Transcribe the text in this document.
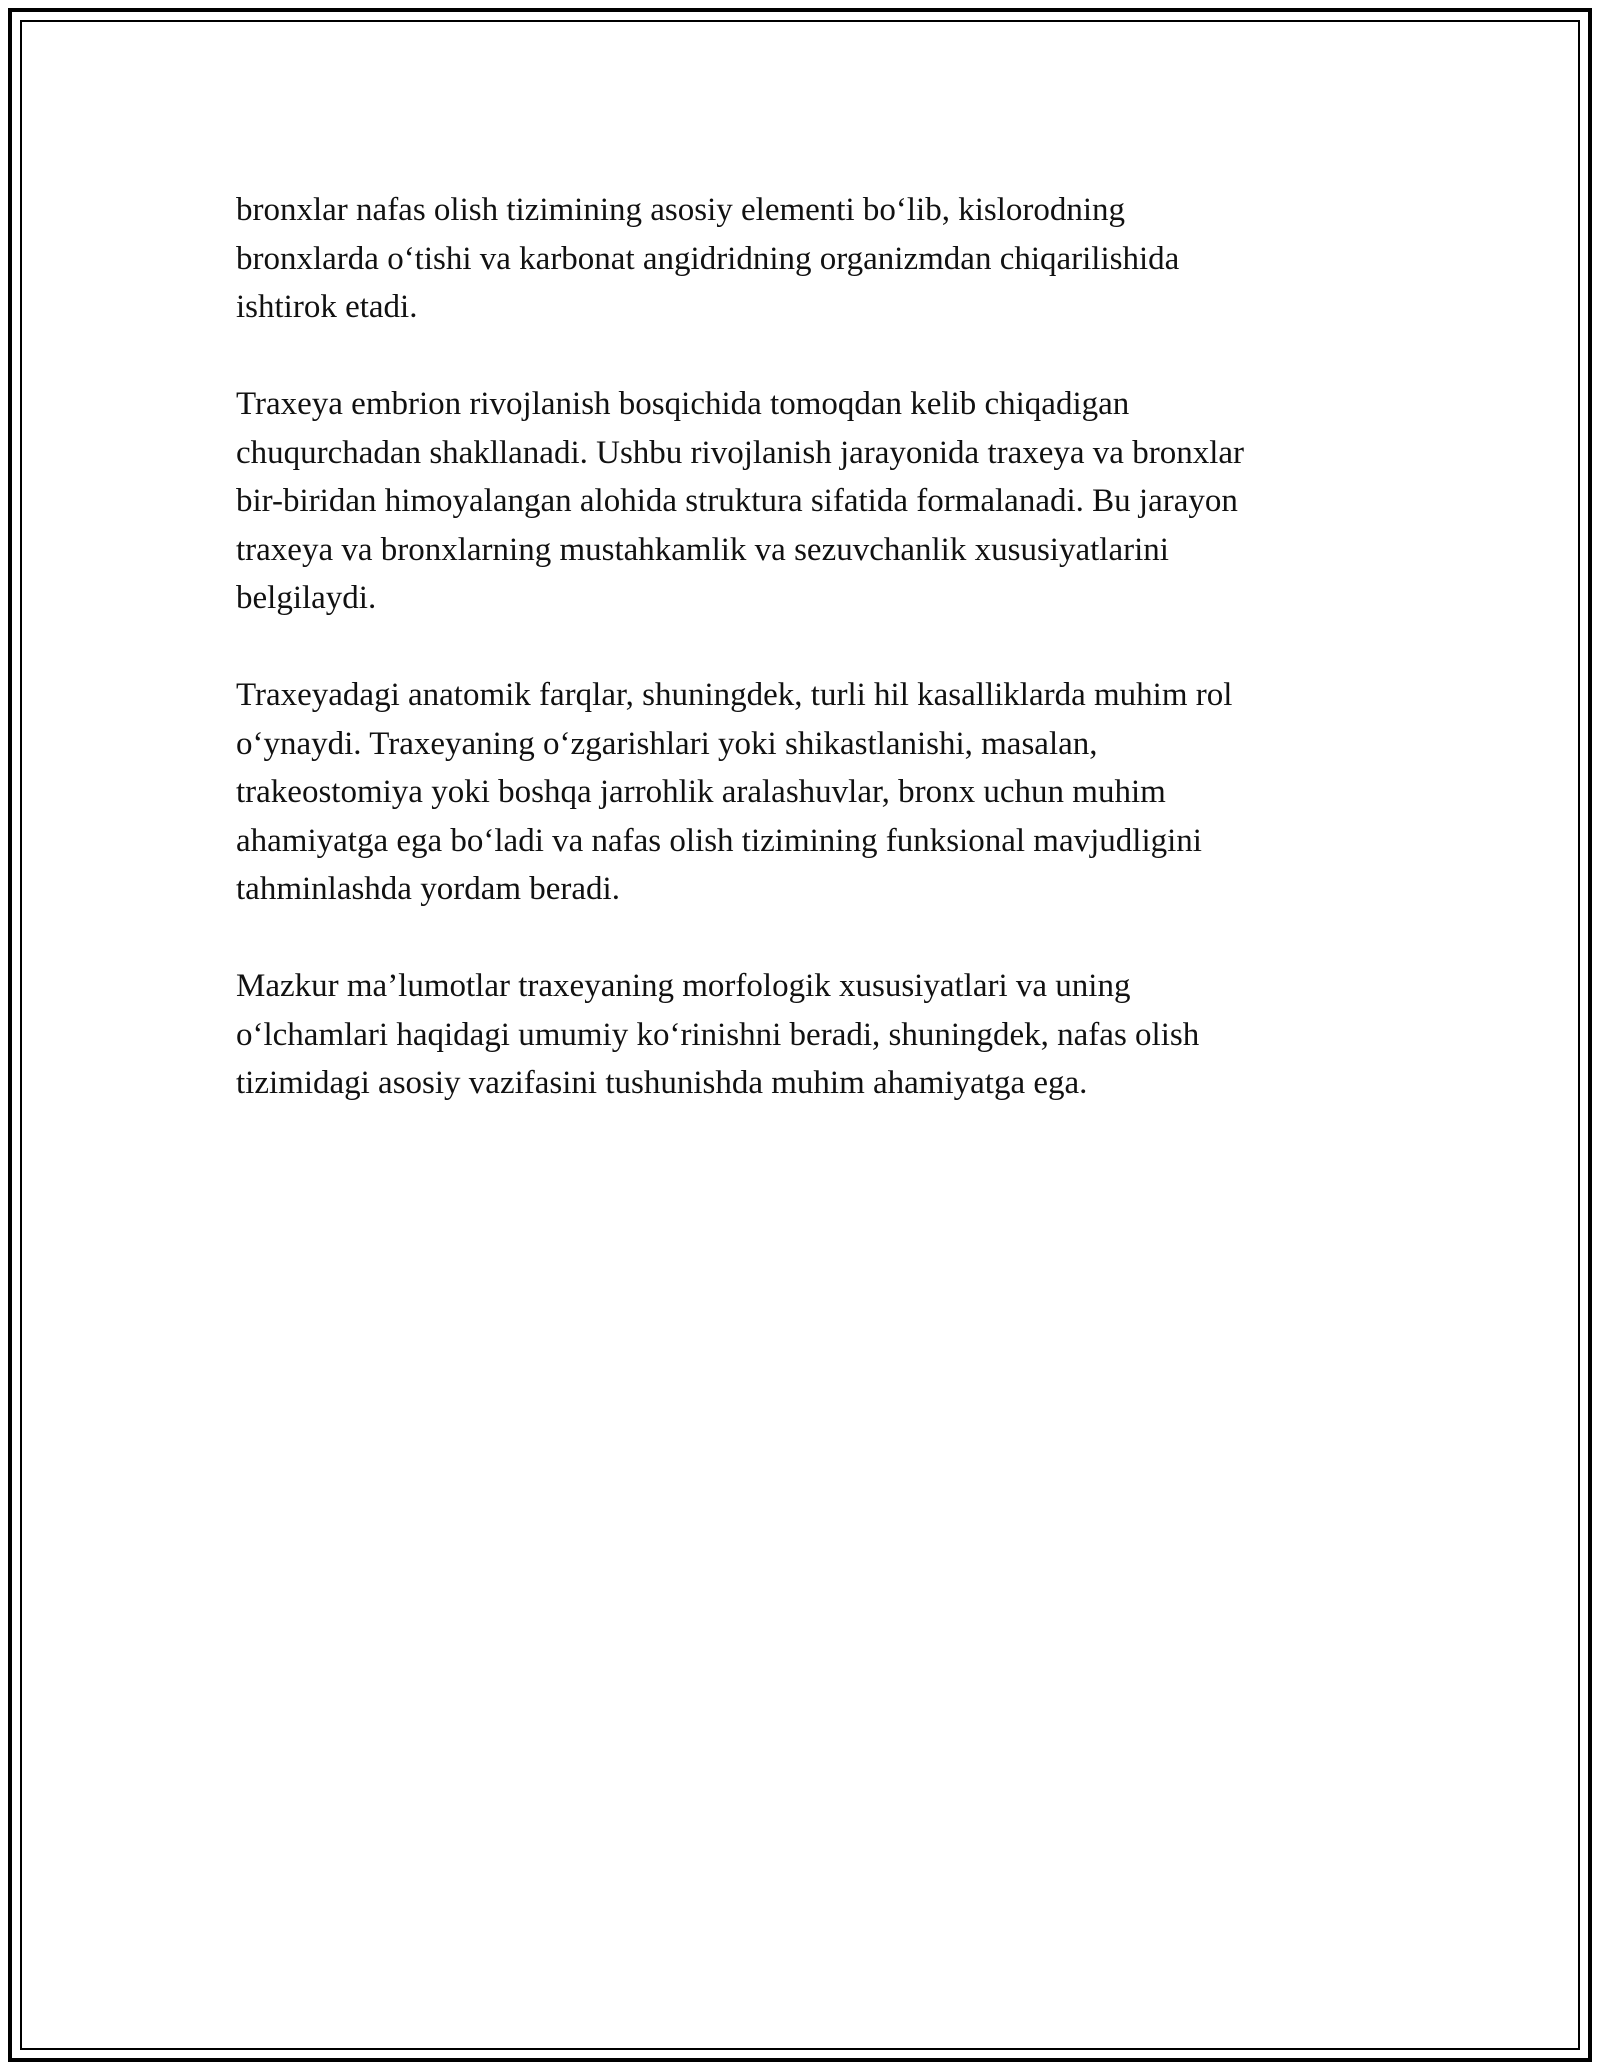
bronxlar nafas olish tizimining asosiy elementi bo‘lib, kislorodning
bronxlarda o‘tishi va karbonat angidridning organizmdan chiqarilishida
ishtirok etadi.

Traxeya embrion rivojlanish bosqichida tomoqdan kelib chiqadigan
chuqurchadan shakllanadi. Ushbu rivojlanish jarayonida traxeya va bronxlar
bir-biridan himoyalangan alohida struktura sifatida formalanadi. Bu jarayon
traxeya va bronxlarning mustahkamlik va sezuvchanlik xususiyatlarini
belgilaydi.

Traxeyadagi anatomik farqlar, shuningdek, turli hil kasalliklarda muhim rol
o‘ynaydi. Traxeyaning o‘zgarishlari yoki shikastlanishi, masalan,
trakeostomiya yoki boshqa jarrohlik aralashuvlar, bronx uchun muhim
ahamiyatga ega bo‘ladi va nafas olish tizimining funksional mavjudligini
tahminlashda yordam beradi.

Mazkur ma’lumotlar traxeyaning morfologik xususiyatlari va uning
o‘lchamlari haqidagi umumiy ko‘rinishni beradi, shuningdek, nafas olish
tizimidagi asosiy vazifasini tushunishda muhim ahamiyatga ega.
